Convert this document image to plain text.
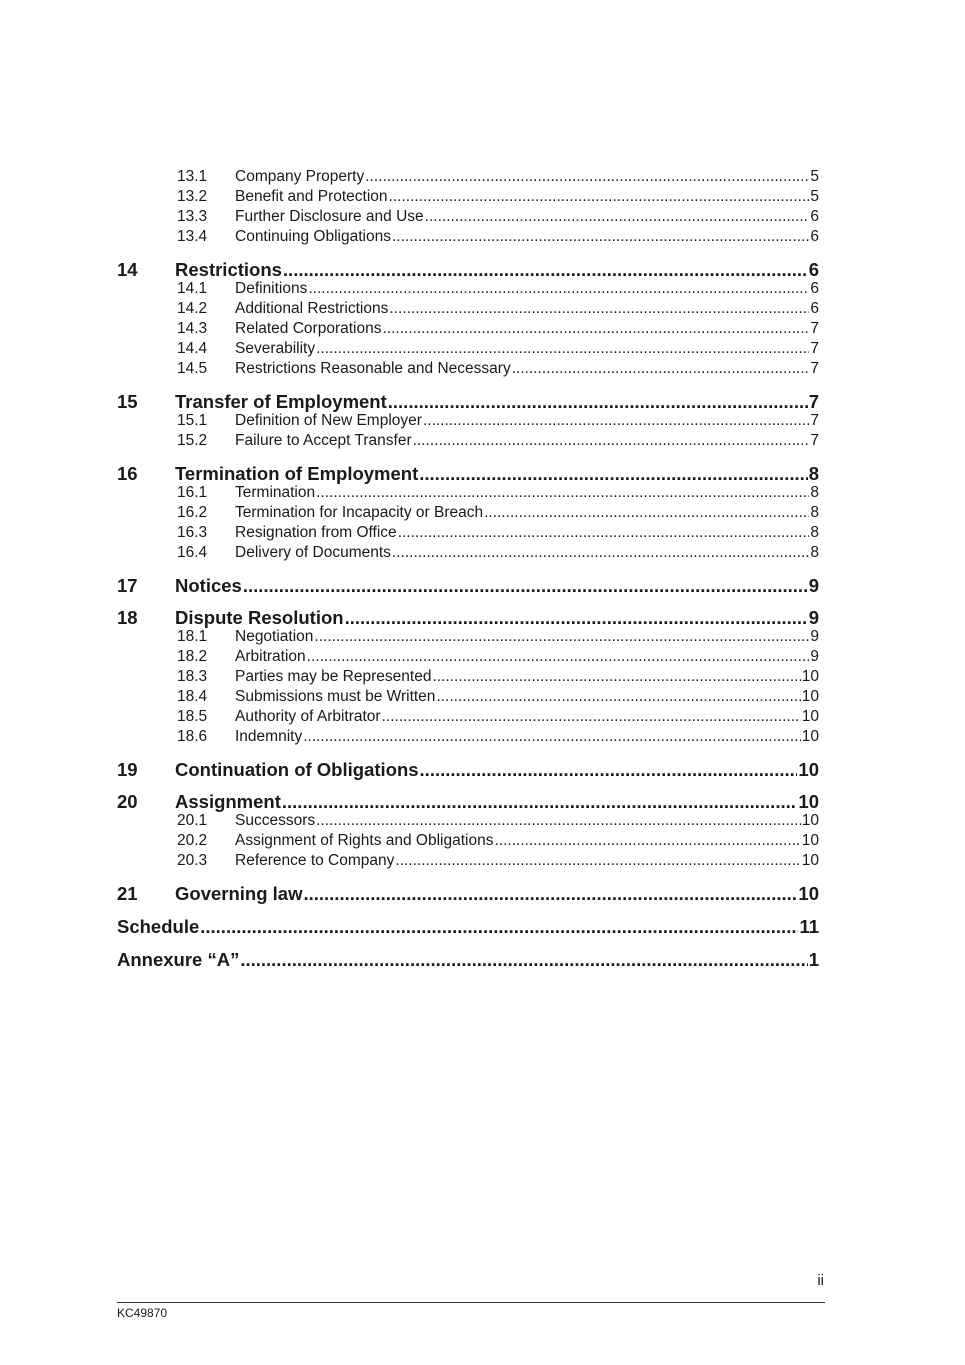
13.1	Company Property .....	5
13.2	Benefit and Protection .....	5
13.3	Further Disclosure and Use .....	6
13.4	Continuing Obligations .....	6
14	Restrictions .....	6
14.1	Definitions .....	6
14.2	Additional Restrictions .....	6
14.3	Related Corporations .....	7
14.4	Severability .....	7
14.5	Restrictions Reasonable and Necessary .....	7
15	Transfer of Employment .....	7
15.1	Definition of New Employer .....	7
15.2	Failure to Accept Transfer .....	7
16	Termination of Employment .....	8
16.1	Termination .....	8
16.2	Termination for Incapacity or Breach .....	8
16.3	Resignation from Office .....	8
16.4	Delivery of Documents .....	8
17	Notices .....	9
18	Dispute Resolution .....	9
18.1	Negotiation .....	9
18.2	Arbitration .....	9
18.3	Parties may be Represented .....	10
18.4	Submissions must be Written .....	10
18.5	Authority of Arbitrator .....	10
18.6	Indemnity .....	10
19	Continuation of Obligations .....	10
20	Assignment .....	10
20.1	Successors .....	10
20.2	Assignment of Rights and Obligations .....	10
20.3	Reference to Company .....	10
21	Governing law .....	10
Schedule .....	11
Annexure “A” .....	1
ii
KC49870
